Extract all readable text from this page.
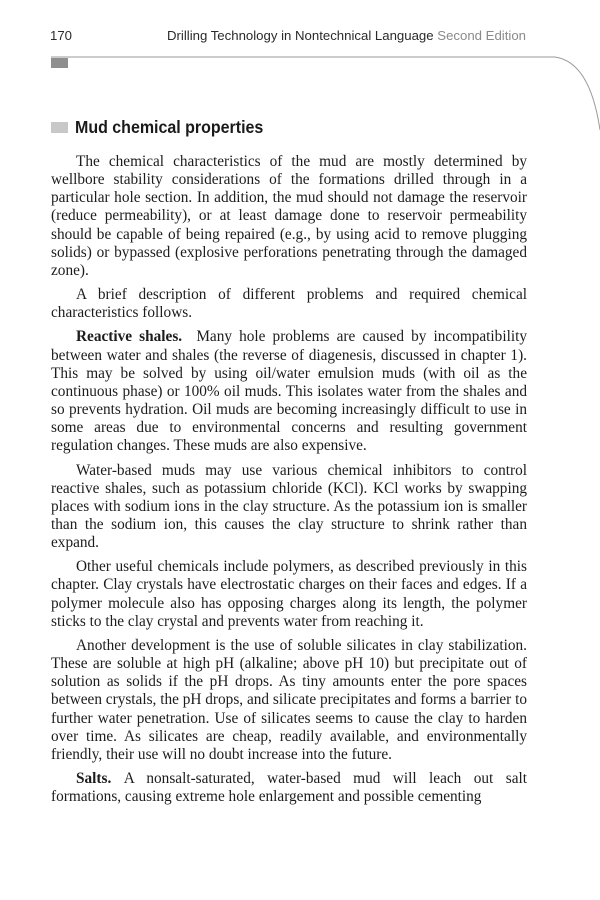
170	Drilling Technology in Nontechnical Language Second Edition
Mud chemical properties

The chemical characteristics of the mud are mostly determined by wellbore stability considerations of the formations drilled through in a particular hole section. In addition, the mud should not damage the reservoir (reduce permeability), or at least damage done to reservoir permeability should be capable of being repaired (e.g., by using acid to remove plugging solids) or bypassed (explosive perforations penetrating through the damaged zone).

A brief description of different problems and required chemical characteristics follows.

Reactive shales. Many hole problems are caused by incompatibility between water and shales (the reverse of diagenesis, discussed in chapter 1). This may be solved by using oil/water emulsion muds (with oil as the continuous phase) or 100% oil muds. This isolates water from the shales and so prevents hydration. Oil muds are becoming increasingly difficult to use in some areas due to environmental concerns and resulting government regulation changes. These muds are also expensive.

Water-based muds may use various chemical inhibitors to control reactive shales, such as potassium chloride (KCl). KCl works by swapping places with sodium ions in the clay structure. As the potassium ion is smaller than the sodium ion, this causes the clay structure to shrink rather than expand.

Other useful chemicals include polymers, as described previously in this chapter. Clay crystals have electrostatic charges on their faces and edges. If a polymer molecule also has opposing charges along its length, the polymer sticks to the clay crystal and prevents water from reaching it.

Another development is the use of soluble silicates in clay stabilization. These are soluble at high pH (alkaline; above pH 10) but precipitate out of solution as solids if the pH drops. As tiny amounts enter the pore spaces between crystals, the pH drops, and silicate precipitates and forms a barrier to further water penetration. Use of silicates seems to cause the clay to harden over time. As silicates are cheap, readily available, and environmentally friendly, their use will no doubt increase into the future.

Salts. A nonsalt-saturated, water-based mud will leach out salt formations, causing extreme hole enlargement and possible cementing
